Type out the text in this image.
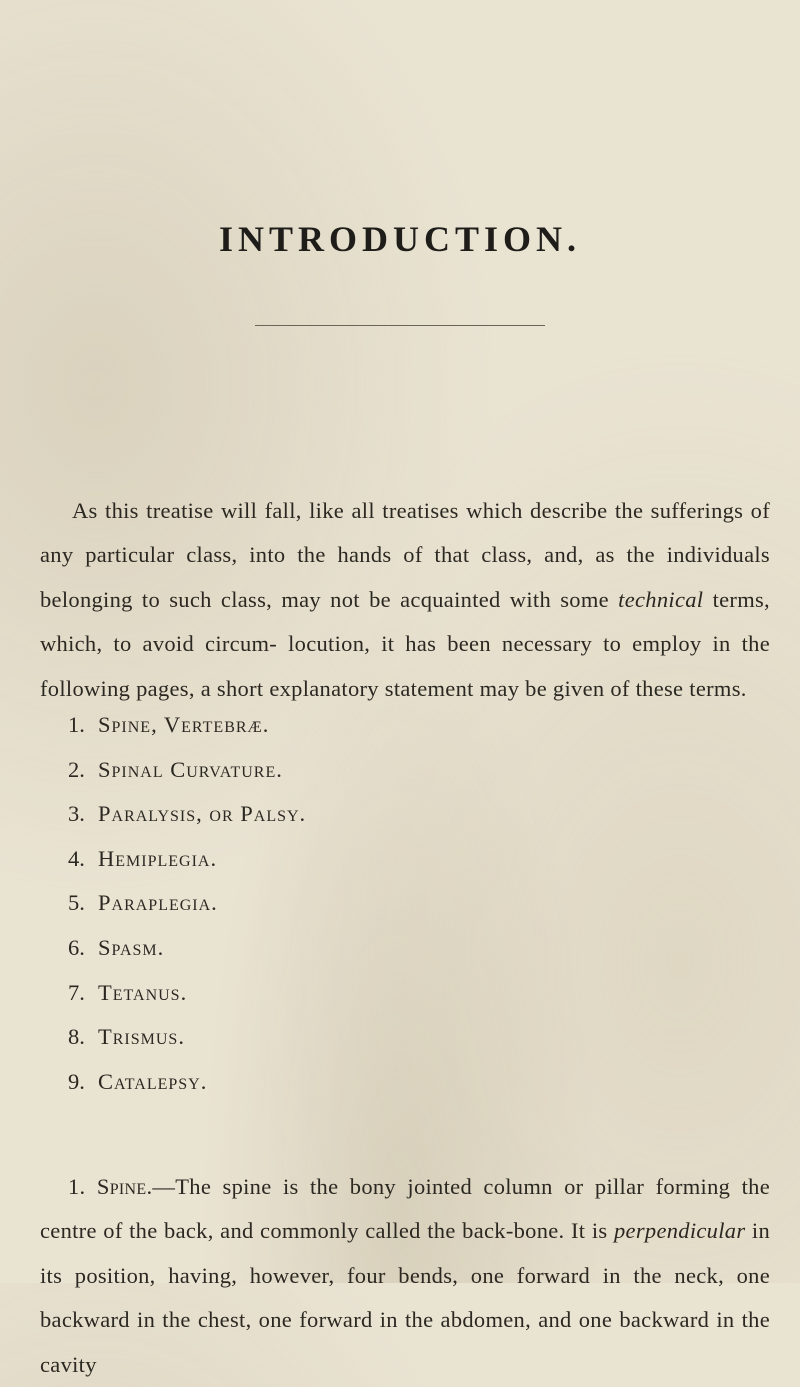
INTRODUCTION.

As this treatise will fall, like all treatises which describe the sufferings of any particular class, into the hands of that class, and, as the individuals belonging to such class, may not be acquainted with some technical terms, which, to avoid circum- locution, it has been necessary to employ in the following pages, a short explanatory statement may be given of these terms.

1. Spine, Vertebræ.
2. Spinal Curvature.
3. Paralysis, or Palsy.
4. Hemiplegia.
5. Paraplegia.
6. Spasm.
7. Tetanus.
8. Trismus.
9. Catalepsy.

1. Spine.—The spine is the bony jointed column or pillar forming the centre of the back, and commonly called the back-bone. It is perpendicular in its position, having, however, four bends, one forward in the neck, one backward in the chest, one forward in the abdomen, and one backward in the cavity
